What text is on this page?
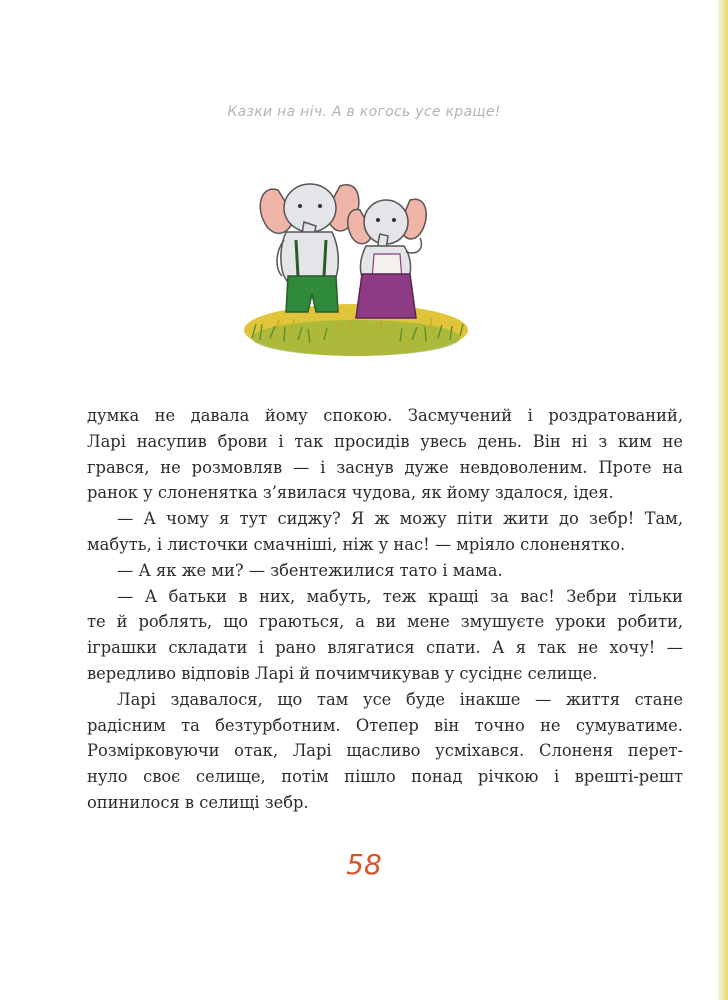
Казки на ніч. А в когось усе краще!

думка не давала йому спокою. Засмучений і роздратований,

Ларі насупив брови і так просидів увесь день. Він ні з ким не

грався, не розмовляв — і заснув дуже невдоволеним. Проте на

ранок у слоненятка з’явилася чудова, як йому здалося, ідея.

— А чому я тут сиджу? Я ж можу піти жити до зебр! Там,

мабуть, і листочки смачніші, ніж у нас! — мріяло слоненятко.

— А як же ми? — збентежилися тато і мама.

— А батьки в них, мабуть, теж кращі за вас! Зебри тільки

те й роблять, що граються, а ви мене змушуєте уроки робити,

іграшки складати і рано влягатися спати. А я так не хочу! —

вередливо відповів Ларі й почимчикував у сусіднє селище.

Ларі здавалося, що там усе буде інакше — життя стане

радісним та безтурботним. Отепер він точно не сумуватиме.

Розмірковуючи отак, Ларі щасливо усміхався. Слоненя перет-

нуло своє селище, потім пішло понад річкою і врешті-решт

опинилося в селищі зебр.

58
